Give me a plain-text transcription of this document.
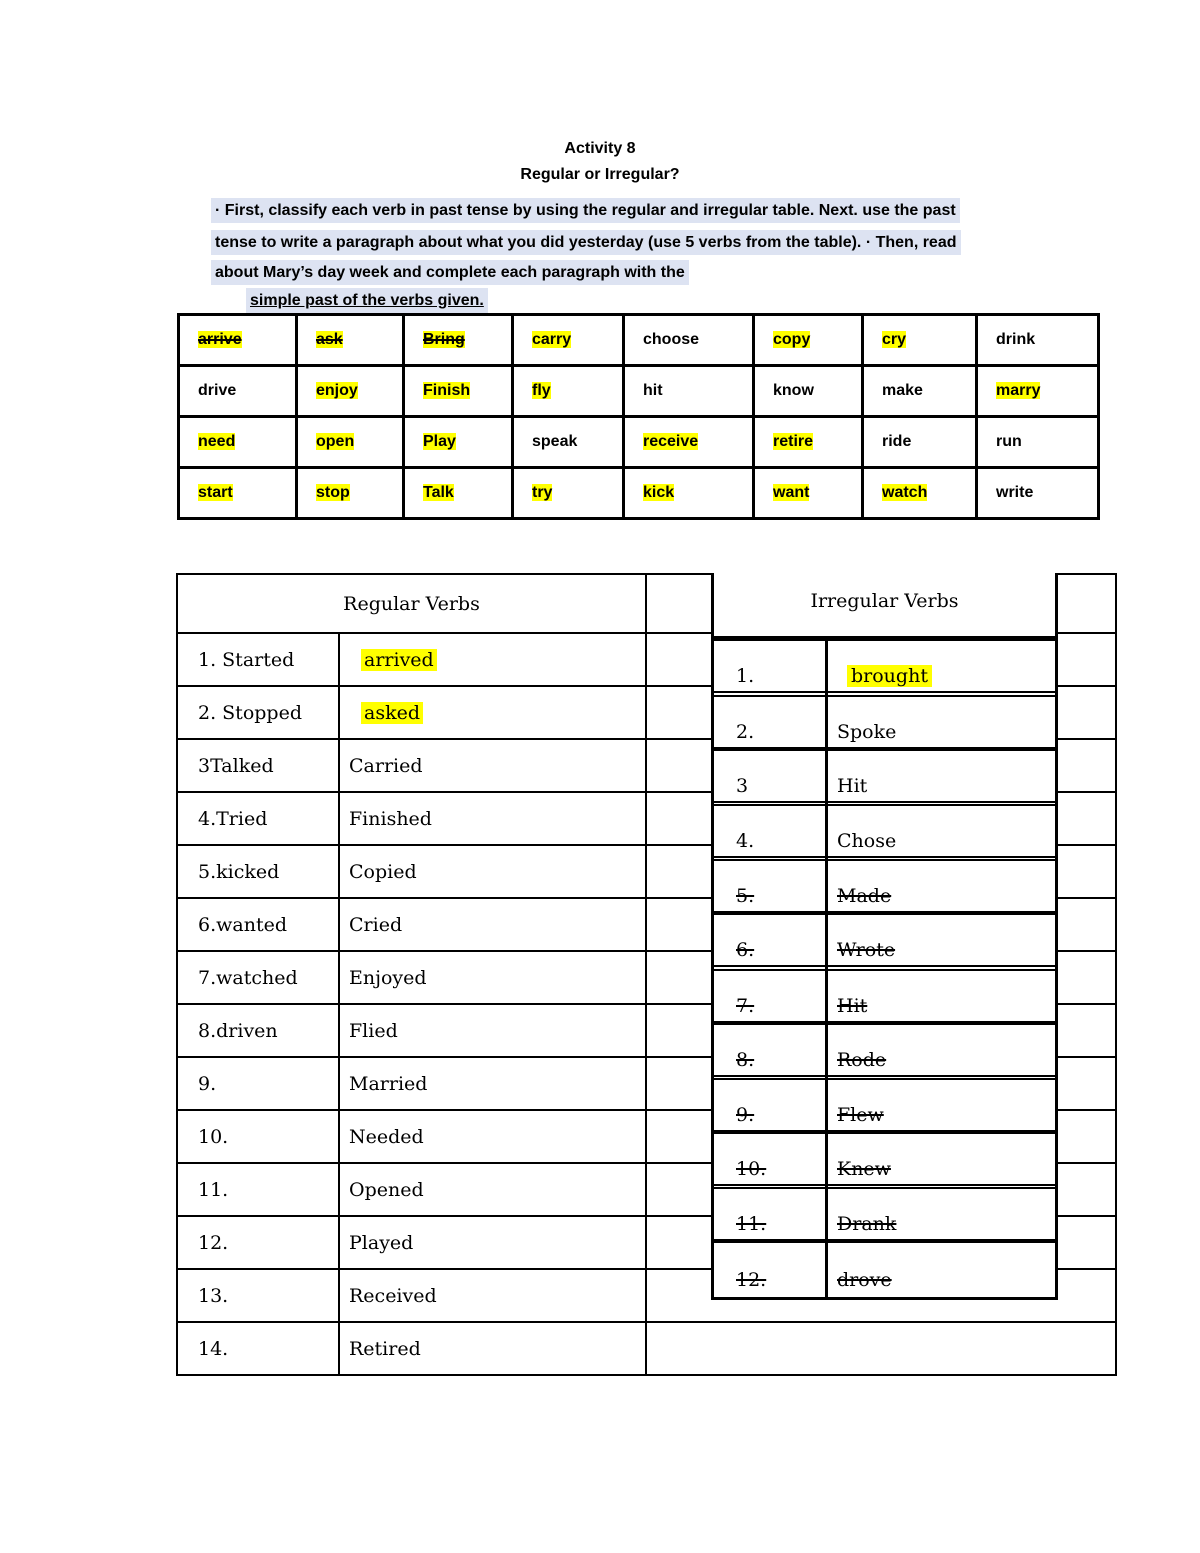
Activity 8
Regular or Irregular?
· First, classify each verb in past tense by using the regular and irregular table. Next. use the past
tense to write a paragraph about what you did yesterday (use 5 verbs from the table). · Then, read
about Mary’s day week and complete each paragraph with the
simple past of the verbs given.
arrive	ask	Bring	carry	choose	copy	cry	drink
drive	enjoy	Finish	fly	hit	know	make	marry
need	open	Play	speak	receive	retire	ride	run
start	stop	Talk	try	kick	want	watch	write
Regular Verbs			
1. Started	arrived		
2. Stopped	asked		
3Talked	Carried		
4.Tried	Finished		
5.kicked	Copied		
6.wanted	Cried		
7.watched	Enjoyed		
8.driven	Flied		
9.	Married		
10.	Needed		
11.	Opened		
12.	Played		
13.	Received		
14.	Retired		
Irregular Verbs
1.	brought
2.	Spoke
3	Hit
4.	Chose
5.	Made
6.	Wrote
7.	Hit
8.	Rode
9.	Flew
10.	Knew
11.	Drank
12.	drove
